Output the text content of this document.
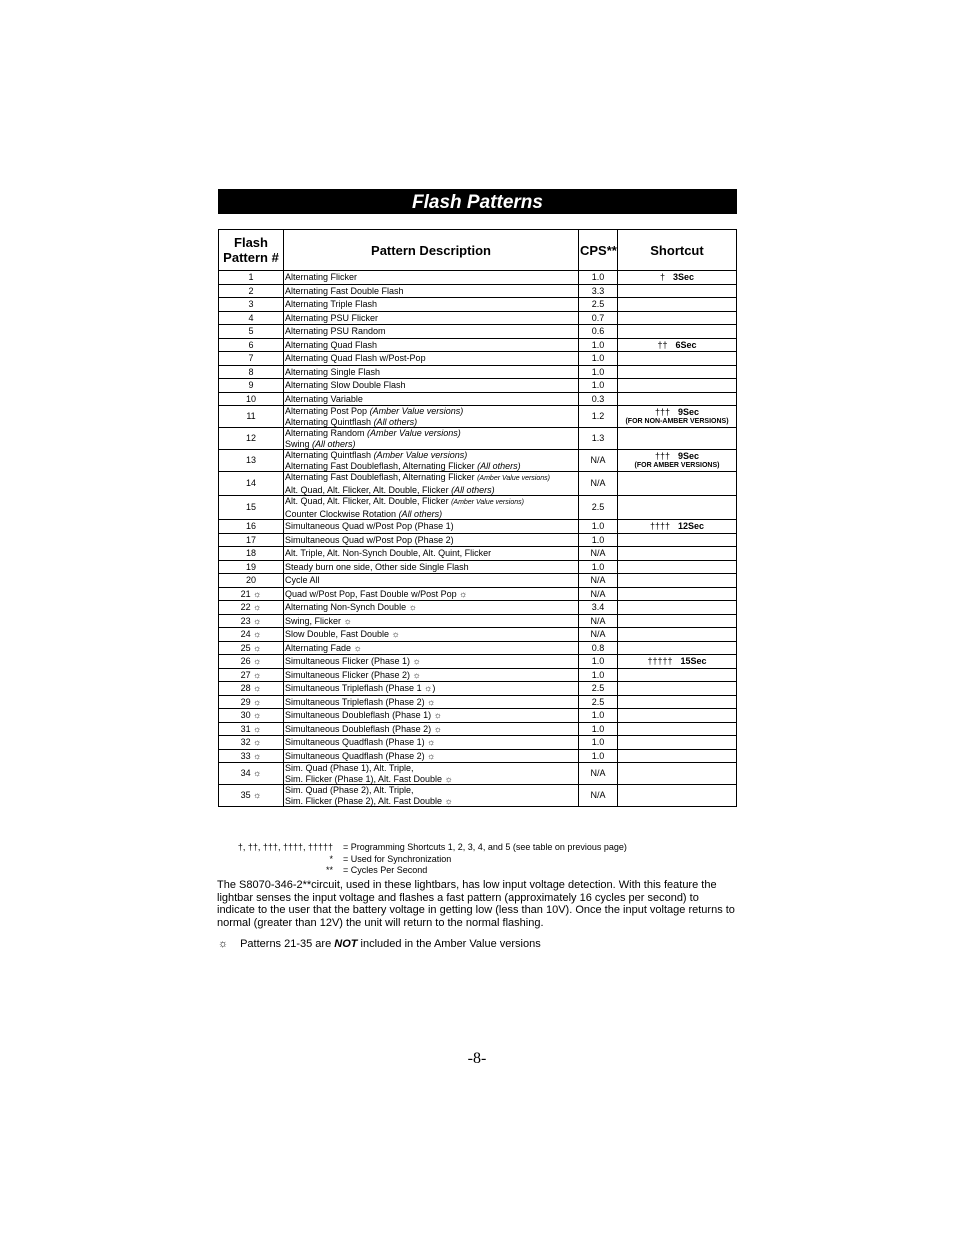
Flash Patterns
Flash Pattern #	Pattern Description	CPS**	Shortcut
1	Alternating Flicker	1.0	† 3Sec
2	Alternating Fast Double Flash	3.3	
3	Alternating Triple Flash	2.5	
4	Alternating PSU Flicker	0.7	
5	Alternating PSU Random	0.6	
6	Alternating Quad Flash	1.0	†† 6Sec
7	Alternating Quad Flash w/Post-Pop	1.0	
8	Alternating Single Flash	1.0	
9	Alternating Slow Double Flash	1.0	
10	Alternating Variable	0.3	
11	Alternating Post Pop (Amber Value versions)
Alternating Quintflash (All others)	1.2	††† 9Sec
(FOR NON-AMBER VERSIONS)

12	Alternating Random (Amber Value versions)
Swing (All others)	1.3	
13	Alternating Quintflash (Amber Value versions)
Alternating Fast Doubleflash, Alternating Flicker (All others)	N/A	††† 9Sec
(FOR AMBER VERSIONS)

14	Alternating Fast Doubleflash, Alternating Flicker (Amber Value versions)
Alt. Quad, Alt. Flicker, Alt. Double, Flicker (All others)	N/A	
15	Alt. Quad, Alt. Flicker, Alt. Double, Flicker (Amber Value versions)
Counter Clockwise Rotation (All others)	2.5	
16	Simultaneous Quad w/Post Pop (Phase 1)	1.0	†††† 12Sec
17	Simultaneous Quad w/Post Pop (Phase 2)	1.0	
18	Alt. Triple, Alt. Non-Synch Double, Alt. Quint, Flicker	N/A	
19	Steady burn one side, Other side Single Flash	1.0	
20	Cycle All	N/A	
21 ☼	Quad w/Post Pop, Fast Double w/Post Pop ☼	N/A	
22 ☼	Alternating Non-Synch Double ☼	3.4	
23 ☼	Swing, Flicker ☼	N/A	
24 ☼	Slow Double, Fast Double ☼	N/A	
25 ☼	Alternating Fade ☼	0.8	
26 ☼	Simultaneous Flicker (Phase 1) ☼	1.0	††††† 15Sec
27 ☼	Simultaneous Flicker (Phase 2) ☼	1.0	
28 ☼	Simultaneous Tripleflash (Phase 1 ☼)	2.5	
29 ☼	Simultaneous Tripleflash (Phase 2) ☼	2.5	
30 ☼	Simultaneous Doubleflash (Phase 1) ☼	1.0	
31 ☼	Simultaneous Doubleflash (Phase 2) ☼	1.0	
32 ☼	Simultaneous Quadflash (Phase 1) ☼	1.0	
33 ☼	Simultaneous Quadflash (Phase 2) ☼	1.0	
34 ☼	Sim. Quad (Phase 1), Alt. Triple,
Sim. Flicker (Phase 1), Alt. Fast Double ☼	N/A	
35 ☼	Sim. Quad (Phase 2), Alt. Triple,
Sim. Flicker (Phase 2), Alt. Fast Double ☼	N/A	
†, ††, †††, ††††, †††††	= Programming Shortcuts 1, 2, 3, 4, and 5 (see table on previous page)
*	= Used for Synchronization
**	= Cycles Per Second
The S8070-346-2**circuit, used in these lightbars, has low input voltage detection. With this feature the lightbar senses the input voltage and flashes a fast pattern (approximately 16 cycles per second) to indicate to the user that the battery voltage in getting low (less than 10V). Once the input voltage returns to normal (greater than 12V) the unit will return to the normal flashing.
☼ Patterns 21-35 are NOT included in the Amber Value versions
-8-
